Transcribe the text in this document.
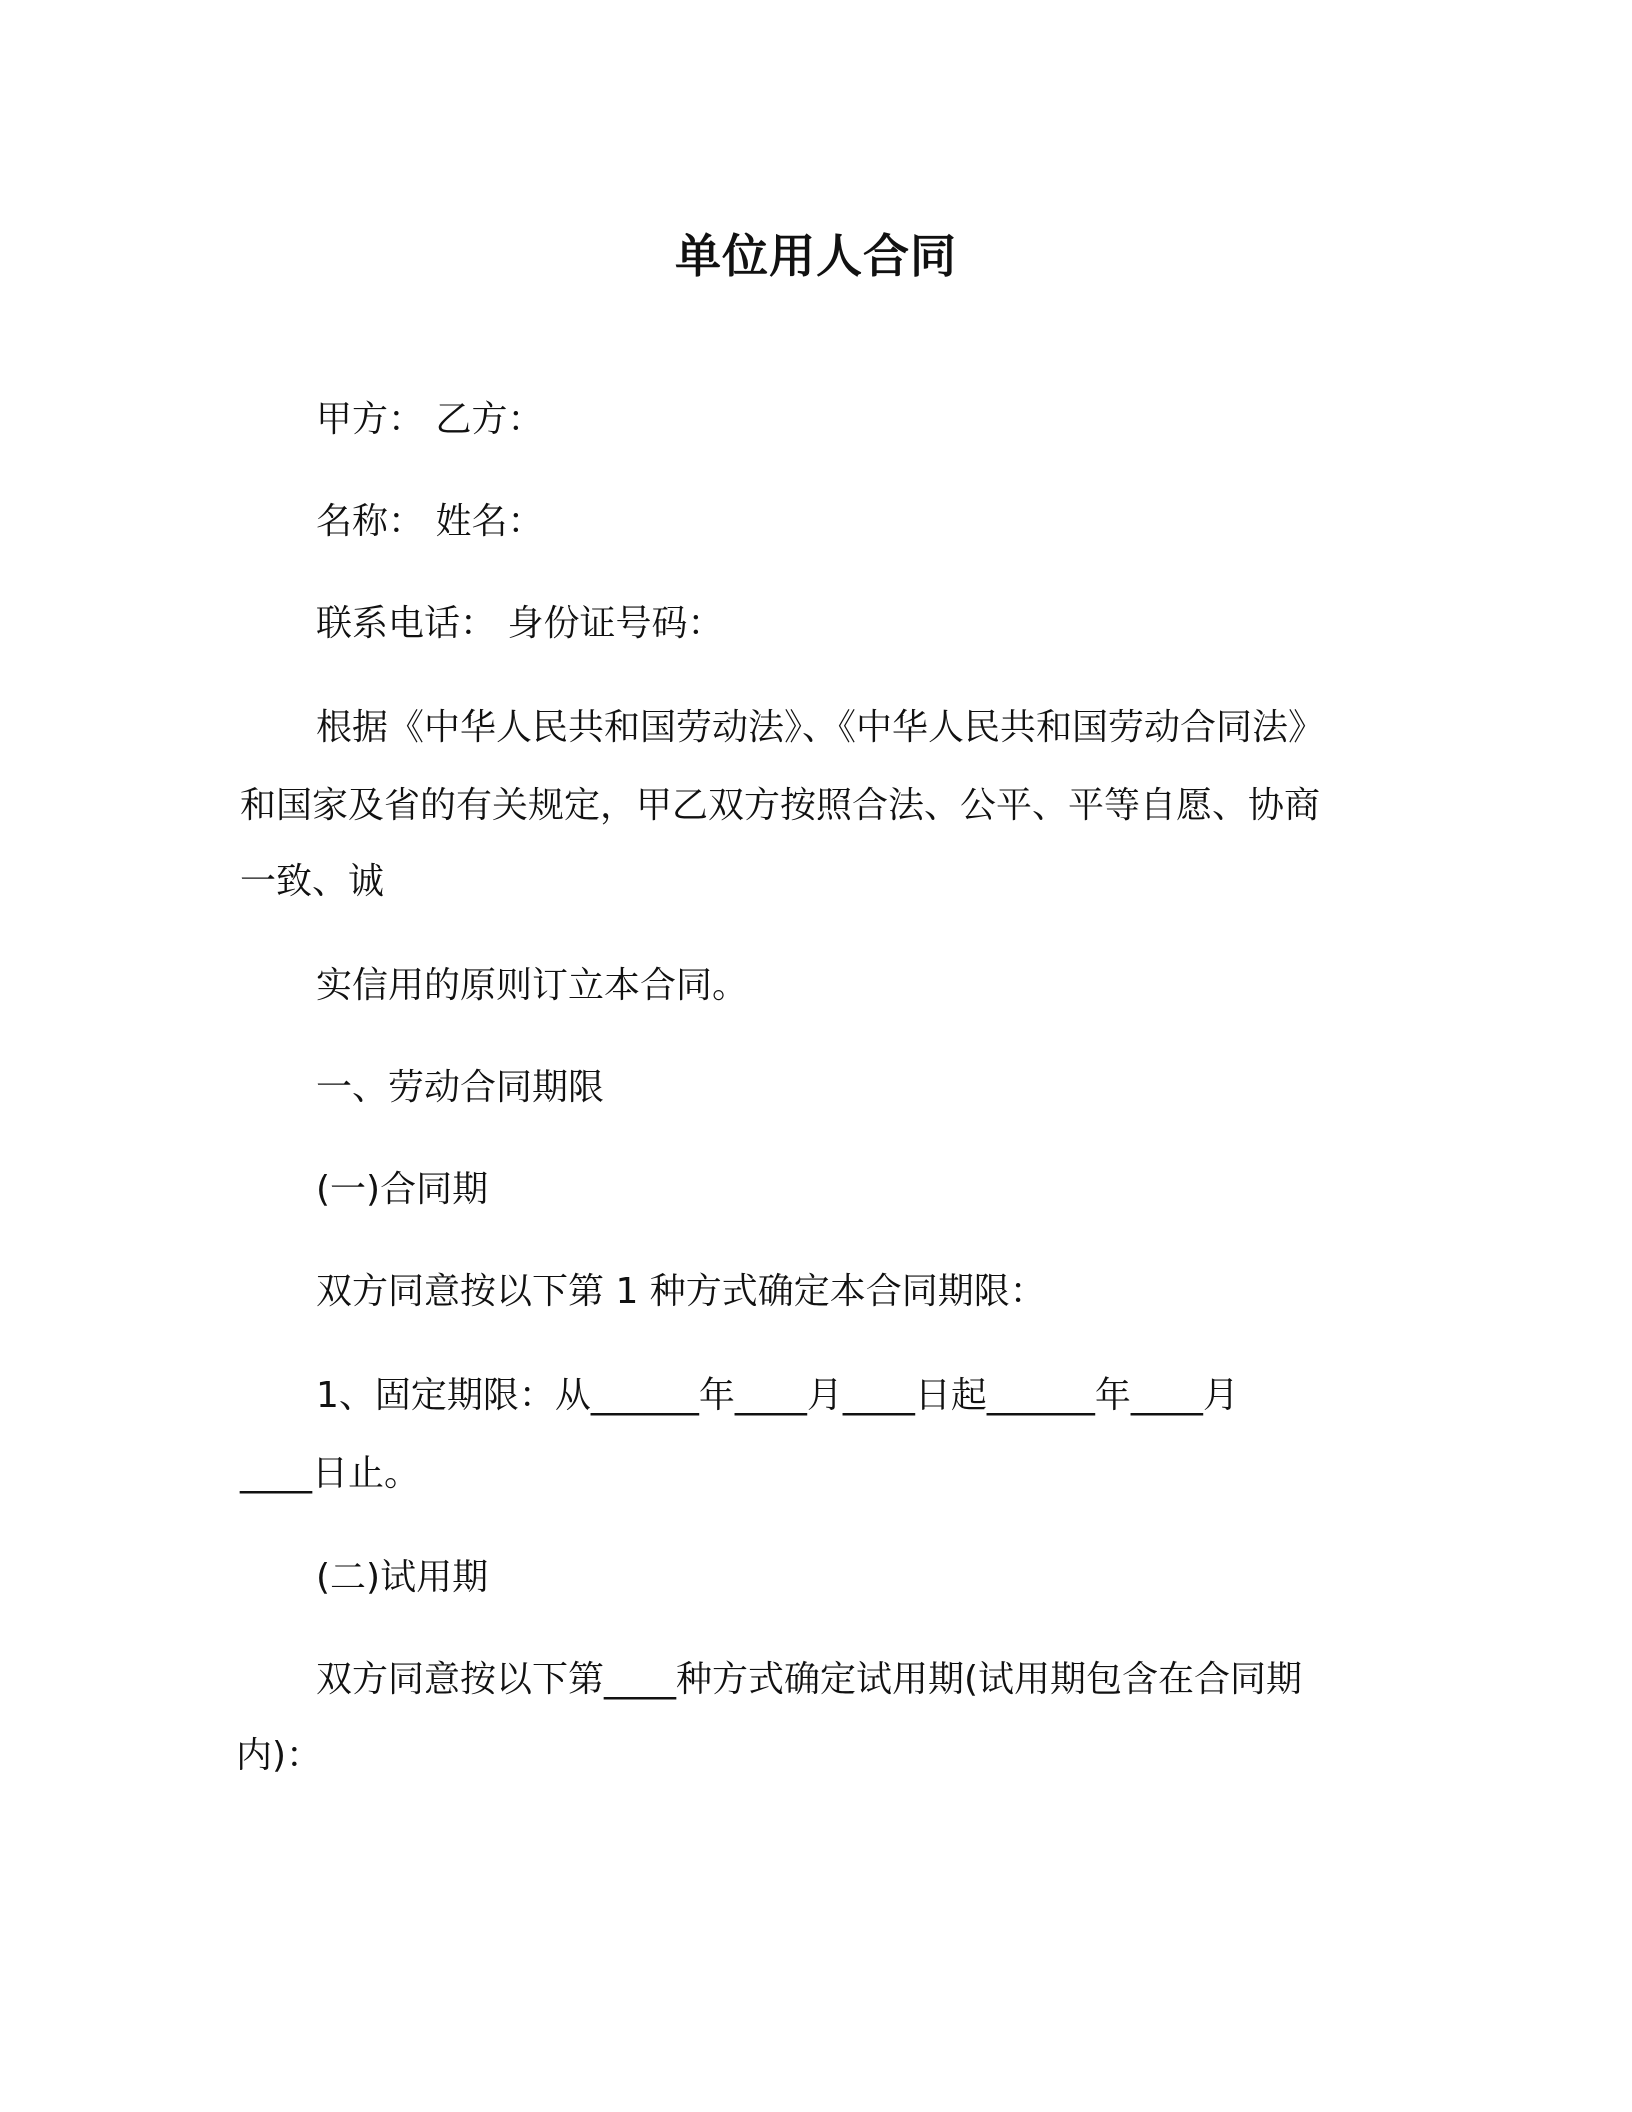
单位用人合同
甲方： 乙方：
名称： 姓名：
联系电话： 身份证号码：
根据《中华人民共和国劳动法》、《中华人民共和国劳动合同法》
和国家及省的有关规定，甲乙双方按照合法、公平、平等自愿、协商
一致、诚
实信用的原则订立本合同。
一、劳动合同期限
(一)合同期
双方同意按以下第 1 种方式确定本合同期限：
1、固定期限：从______年____月____日起______年____月
____日止。
(二)试用期
双方同意按以下第____种方式确定试用期(试用期包含在合同期
内)：
